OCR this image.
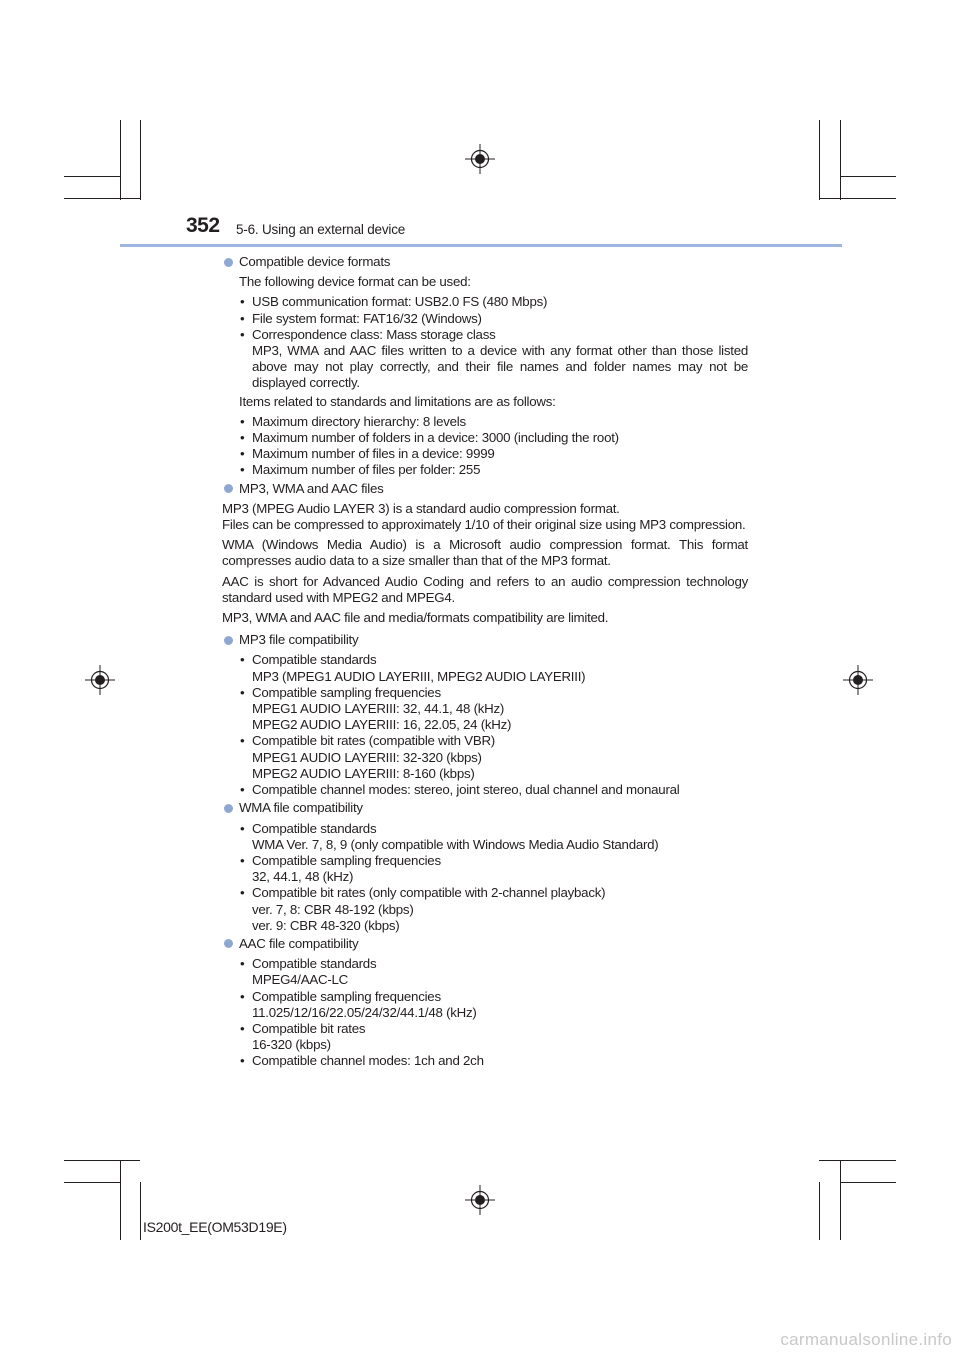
352 5-6. Using an external device

Compatible device formats

The following device format can be used:

• USB communication format: USB2.0 FS (480 Mbps)

• File system format: FAT16/32 (Windows)

• Correspondence class: Mass storage class

MP3, WMA and AAC files written to a device with any format other than those listed above may not play correctly, and their file names and folder names may not be displayed correctly.

Items related to standards and limitations are as follows:

• Maximum directory hierarchy: 8 levels

• Maximum number of folders in a device: 3000 (including the root)

• Maximum number of files in a device: 9999

• Maximum number of files per folder: 255

MP3, WMA and AAC files

MP3 (MPEG Audio LAYER 3) is a standard audio compression format.

Files can be compressed to approximately 1/10 of their original size using MP3 compression.

WMA (Windows Media Audio) is a Microsoft audio compression format. This format compresses audio data to a size smaller than that of the MP3 format.

AAC is short for Advanced Audio Coding and refers to an audio compression technology standard used with MPEG2 and MPEG4.

MP3, WMA and AAC file and media/formats compatibility are limited.

MP3 file compatibility

• Compatible standards

MP3 (MPEG1 AUDIO LAYERIII, MPEG2 AUDIO LAYERIII)

• Compatible sampling frequencies

MPEG1 AUDIO LAYERIII: 32, 44.1, 48 (kHz)

MPEG2 AUDIO LAYERIII: 16, 22.05, 24 (kHz)

• Compatible bit rates (compatible with VBR)

MPEG1 AUDIO LAYERIII: 32-320 (kbps)

MPEG2 AUDIO LAYERIII: 8-160 (kbps)

• Compatible channel modes: stereo, joint stereo, dual channel and monaural

WMA file compatibility

• Compatible standards

WMA Ver. 7, 8, 9 (only compatible with Windows Media Audio Standard)

• Compatible sampling frequencies

32, 44.1, 48 (kHz)

• Compatible bit rates (only compatible with 2-channel playback)

ver. 7, 8: CBR 48-192 (kbps)

ver. 9: CBR 48-320 (kbps)

AAC file compatibility

• Compatible standards

MPEG4/AAC-LC

• Compatible sampling frequencies

11.025/12/16/22.05/24/32/44.1/48 (kHz)

• Compatible bit rates

16-320 (kbps)

• Compatible channel modes: 1ch and 2ch

IS200t_EE(OM53D19E)
carmanualsonline.info
